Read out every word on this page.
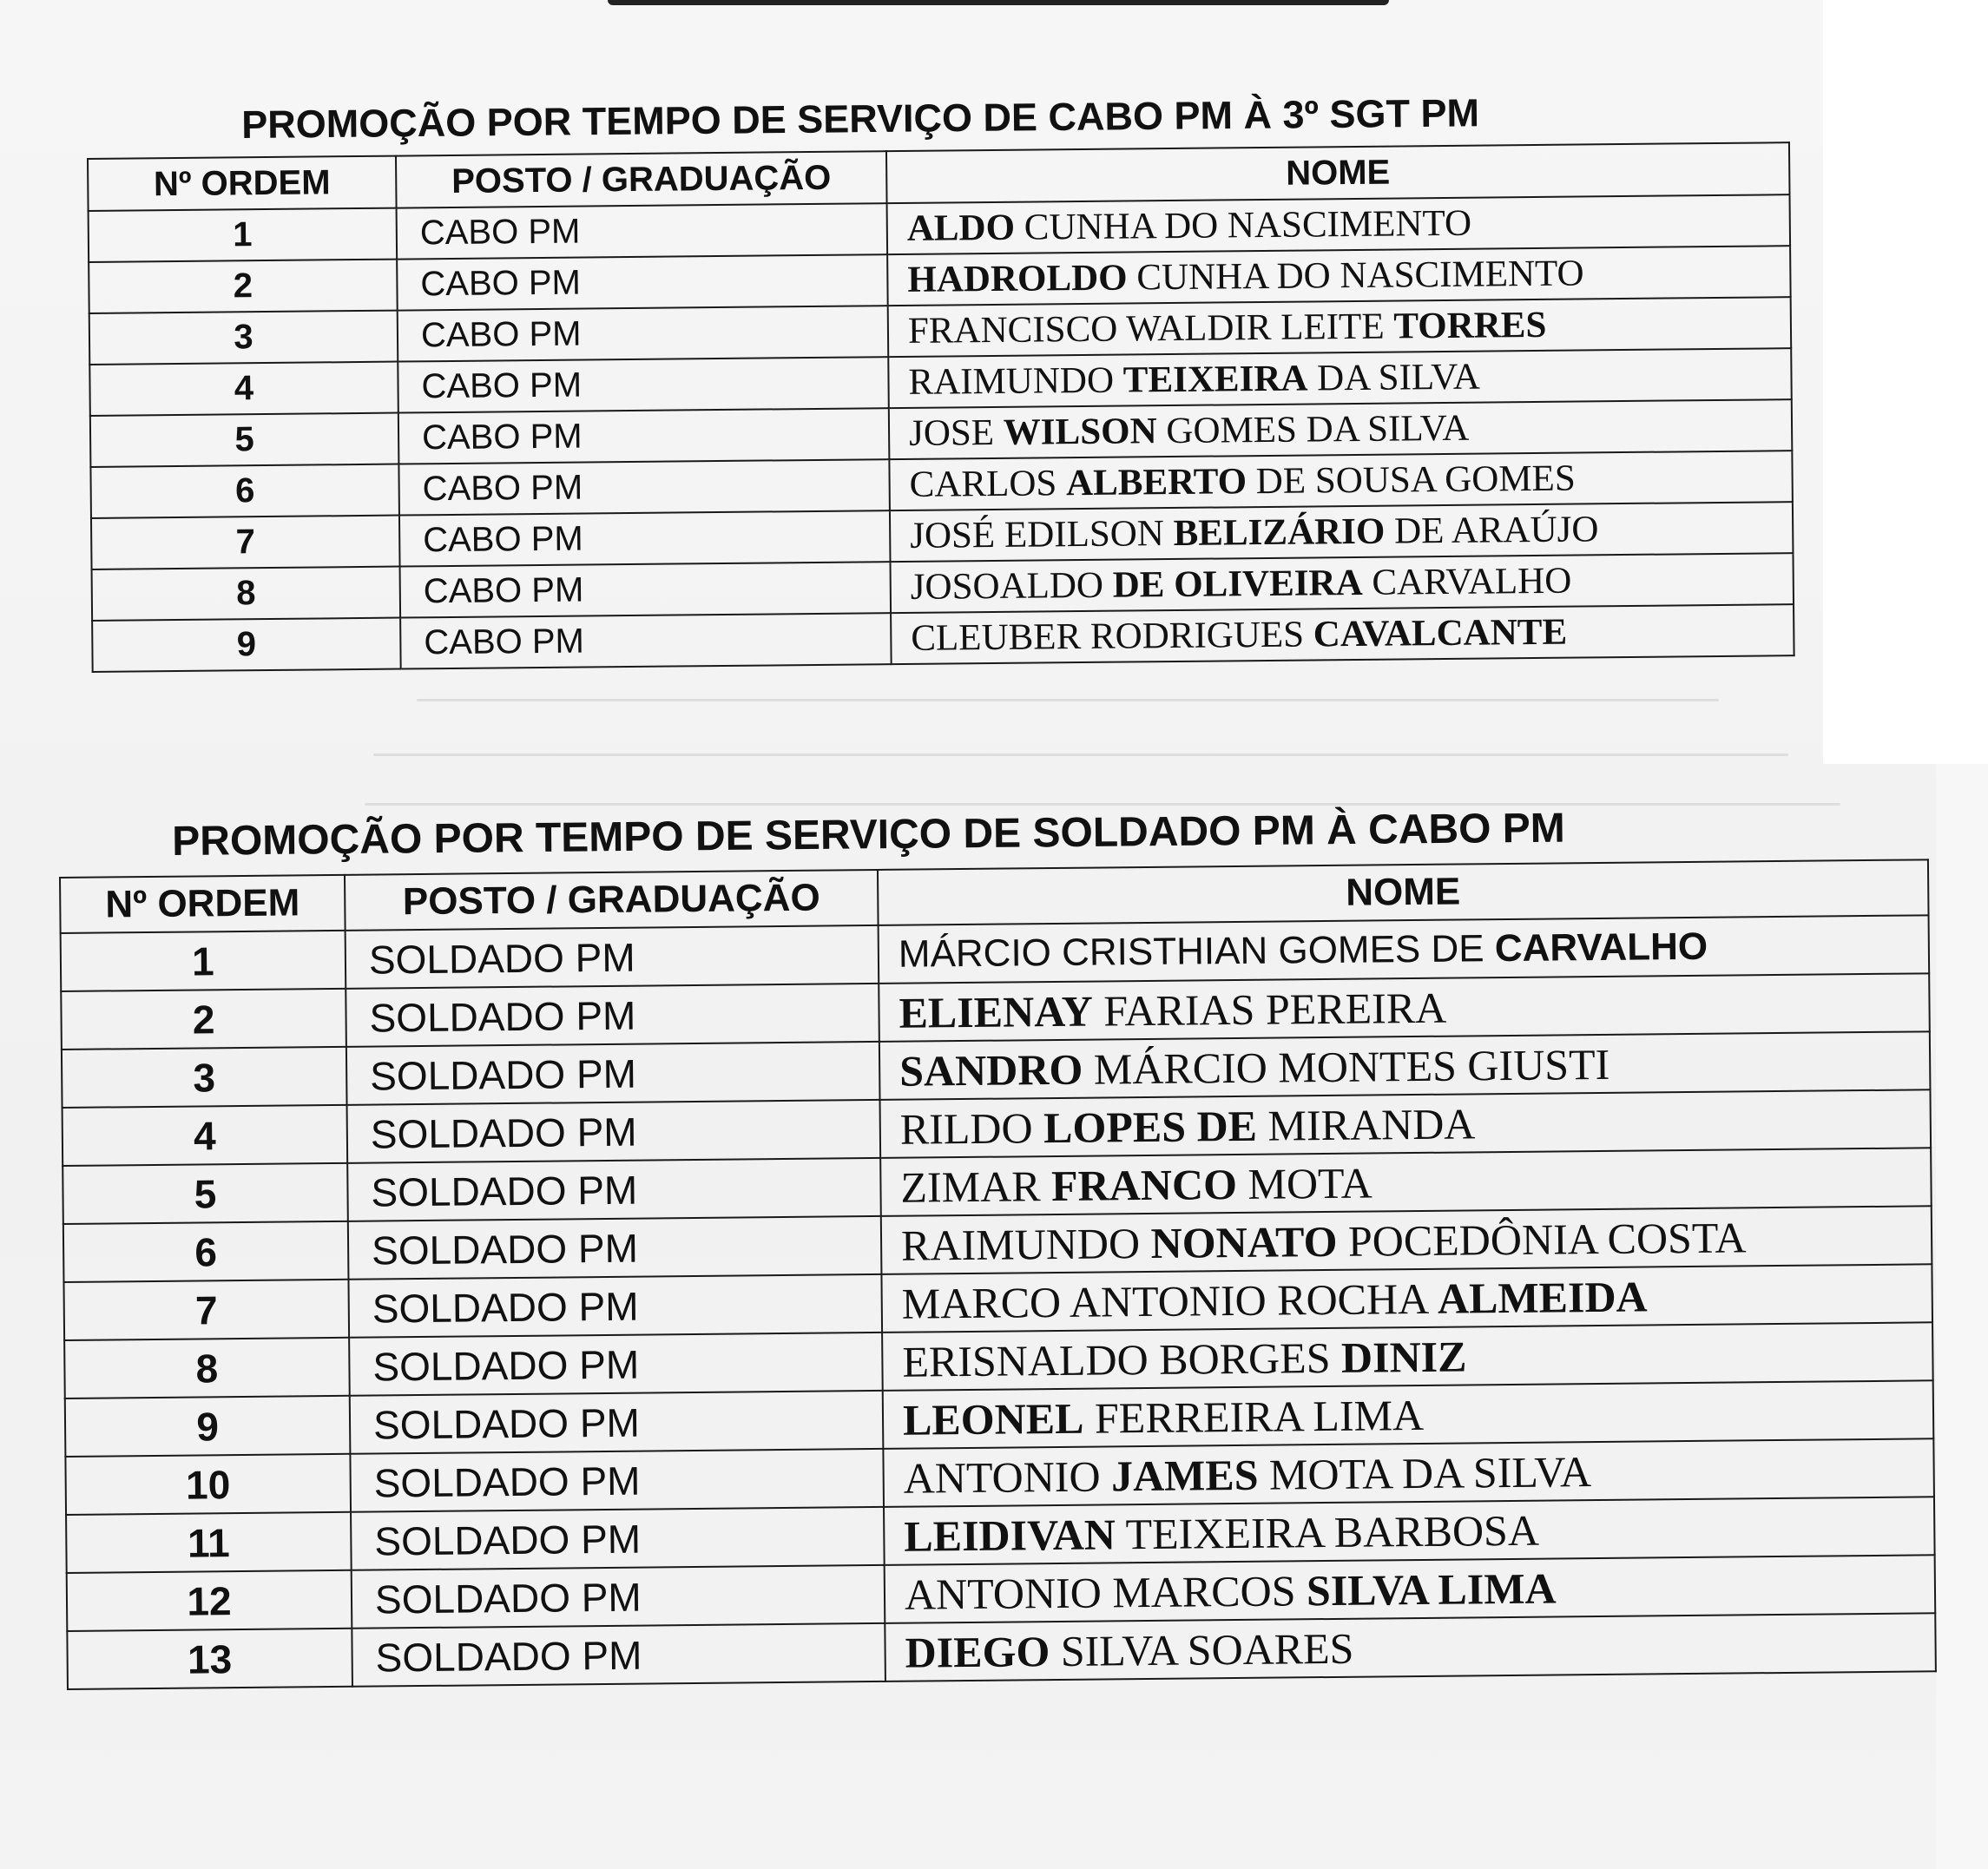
PROMOÇÃO POR TEMPO DE SERVIÇO DE CABO PM À 3º SGT PM
Nº ORDEM	POSTO / GRADUAÇÃO	NOME
1	CABO PM	ALDO CUNHA DO NASCIMENTO
2	CABO PM	HADROLDO CUNHA DO NASCIMENTO
3	CABO PM	FRANCISCO WALDIR LEITE TORRES
4	CABO PM	RAIMUNDO TEIXEIRA DA SILVA
5	CABO PM	JOSE WILSON GOMES DA SILVA
6	CABO PM	CARLOS ALBERTO DE SOUSA GOMES
7	CABO PM	JOSÉ EDILSON BELIZÁRIO DE ARAÚJO
8	CABO PM	JOSOALDO DE OLIVEIRA CARVALHO
9	CABO PM	CLEUBER RODRIGUES CAVALCANTE
PROMOÇÃO POR TEMPO DE SERVIÇO DE SOLDADO PM À CABO PM
Nº ORDEM	POSTO / GRADUAÇÃO	NOME
1	SOLDADO PM	MÁRCIO CRISTHIAN GOMES DE CARVALHO
2	SOLDADO PM	ELIENAY FARIAS PEREIRA
3	SOLDADO PM	SANDRO MÁRCIO MONTES GIUSTI
4	SOLDADO PM	RILDO LOPES DE MIRANDA
5	SOLDADO PM	ZIMAR FRANCO MOTA
6	SOLDADO PM	RAIMUNDO NONATO POCEDÔNIA COSTA
7	SOLDADO PM	MARCO ANTONIO ROCHA ALMEIDA
8	SOLDADO PM	ERISNALDO BORGES DINIZ
9	SOLDADO PM	LEONEL FERREIRA LIMA
10	SOLDADO PM	ANTONIO JAMES MOTA DA SILVA
11	SOLDADO PM	LEIDIVAN TEIXEIRA BARBOSA
12	SOLDADO PM	ANTONIO MARCOS SILVA LIMA
13	SOLDADO PM	DIEGO SILVA SOARES
